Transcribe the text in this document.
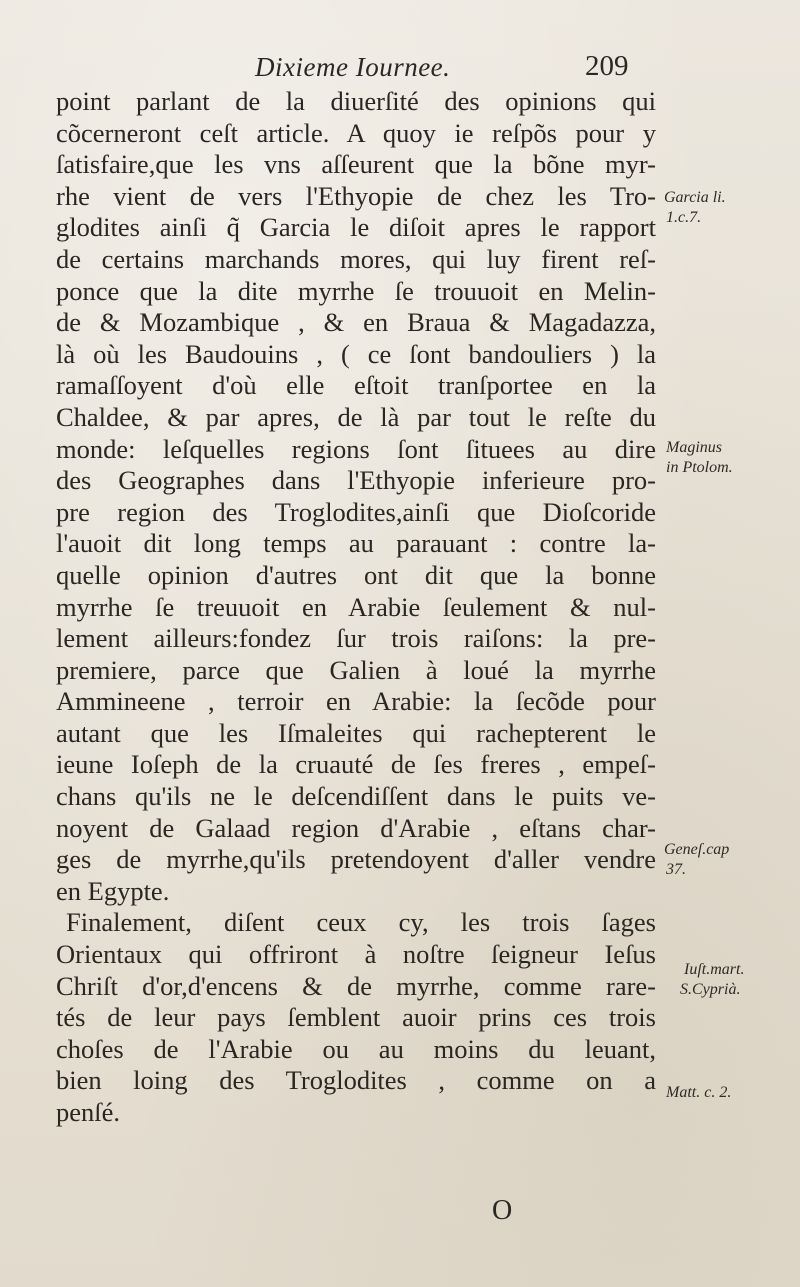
Dixieme Iournee.	209
point parlant de la diuerſité des opinions qui
cõcerneront ceſt article. A quoy ie reſpõs pour y
ſatisfaire,que les vns aſſeurent que la bõne myr-
rhe vient de vers l'Ethyopie de chez les Tro-
glodites ainſi q̃ Garcia le diſoit apres le rapport
de certains marchands mores, qui luy firent reſ-
ponce que la dite myrrhe ſe trouuoit en Melin-
de & Mozambique , & en Braua & Magadazza,
là où les Baudouins , ( ce ſont bandouliers ) la
ramaſſoyent d'où elle eſtoit tranſportee en la
Chaldee, & par apres, de là par tout le reſte du
monde: leſquelles regions ſont ſituees au dire
des Geographes dans l'Ethyopie inferieure pro-
pre region des Troglodites,ainſi que Dioſcoride
l'auoit dit long temps au parauant : contre la-
quelle opinion d'autres ont dit que la bonne
myrrhe ſe treuuoit en Arabie ſeulement & nul-
lement ailleurs:fondez ſur trois raiſons: la pre-
premiere, parce que Galien à loué la myrrhe
Ammineene , terroir en Arabie: la ſecõde pour
autant que les Iſmaleites qui rachepterent le
ieune Ioſeph de la cruauté de ſes freres , empeſ-
chans qu'ils ne le deſcendiſſent dans le puits ve-
noyent de Galaad region d'Arabie , eſtans char-
ges de myrrhe,qu'ils pretendoyent d'aller vendre
en Egypte.
Finalement, diſent ceux cy, les trois ſages
Orientaux qui offriront à noſtre ſeigneur Ieſus
Chriſt d'or,d'encens & de myrrhe, comme rare-
tés de leur pays ſemblent auoir prins ces trois
choſes de l'Arabie ou au moins du leuant,
bien loing des Troglodites , comme on a
penſé.
Garcia li.
1.c.7.
Maginus
in Ptolom.
Geneſ.cap
37.
Iuſt.mart.
S.Cyprià.
Matt. c. 2.
O
